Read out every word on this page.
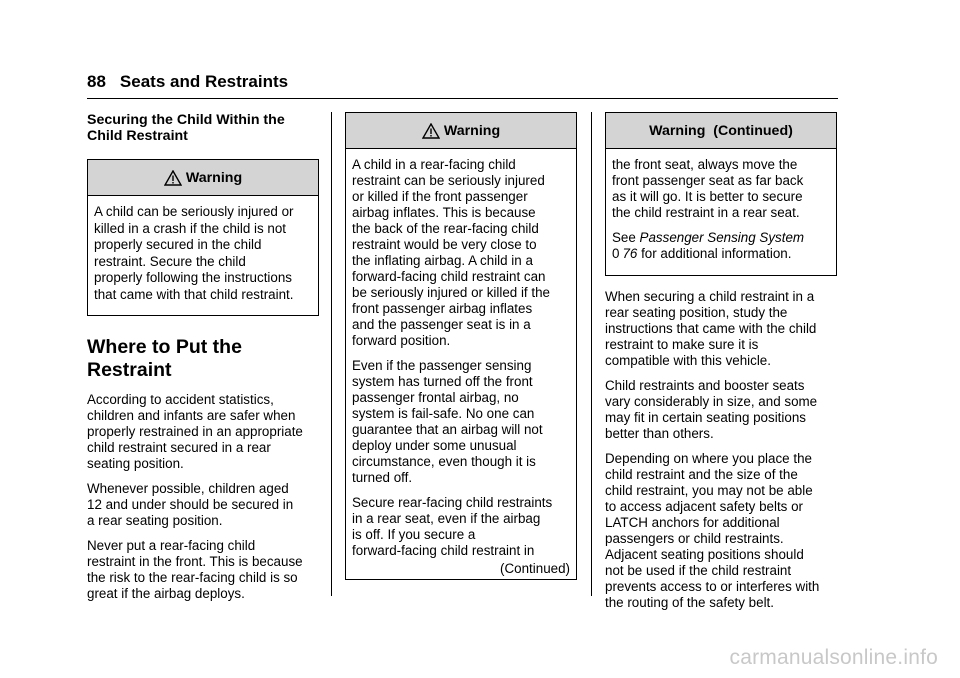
88 Seats and Restraints
Securing the Child Within the Child Restraint
Warning

A child can be seriously injured or
killed in a crash if the child is not
properly secured in the child
restraint. Secure the child
properly following the instructions
that came with that child restraint.

Where to Put the
Restraint

According to accident statistics,
children and infants are safer when
properly restrained in an appropriate
child restraint secured in a rear
seating position.

Whenever possible, children aged
12 and under should be secured in
a rear seating position.

Never put a rear-facing child
restraint in the front. This is because
the risk to the rear-facing child is so
great if the airbag deploys.

Warning

A child in a rear-facing child
restraint can be seriously injured
or killed if the front passenger
airbag inflates. This is because
the back of the rear-facing child
restraint would be very close to
the inflating airbag. A child in a
forward-facing child restraint can
be seriously injured or killed if the
front passenger airbag inflates
and the passenger seat is in a
forward position.

Even if the passenger sensing
system has turned off the front
passenger frontal airbag, no
system is fail-safe. No one can
guarantee that an airbag will not
deploy under some unusual
circumstance, even though it is
turned off.

Secure rear-facing child restraints
in a rear seat, even if the airbag
is off. If you secure a
forward-facing child restraint in

(Continued)
Warning  (Continued)

the front seat, always move the
front passenger seat as far back
as it will go. It is better to secure
the child restraint in a rear seat.

See Passenger Sensing System
0 76 for additional information.

When securing a child restraint in a
rear seating position, study the
instructions that came with the child
restraint to make sure it is
compatible with this vehicle.

Child restraints and booster seats
vary considerably in size, and some
may fit in certain seating positions
better than others.

Depending on where you place the
child restraint and the size of the
child restraint, you may not be able
to access adjacent safety belts or
LATCH anchors for additional
passengers or child restraints.
Adjacent seating positions should
not be used if the child restraint
prevents access to or interferes with
the routing of the safety belt.

carmanualsonline.info
